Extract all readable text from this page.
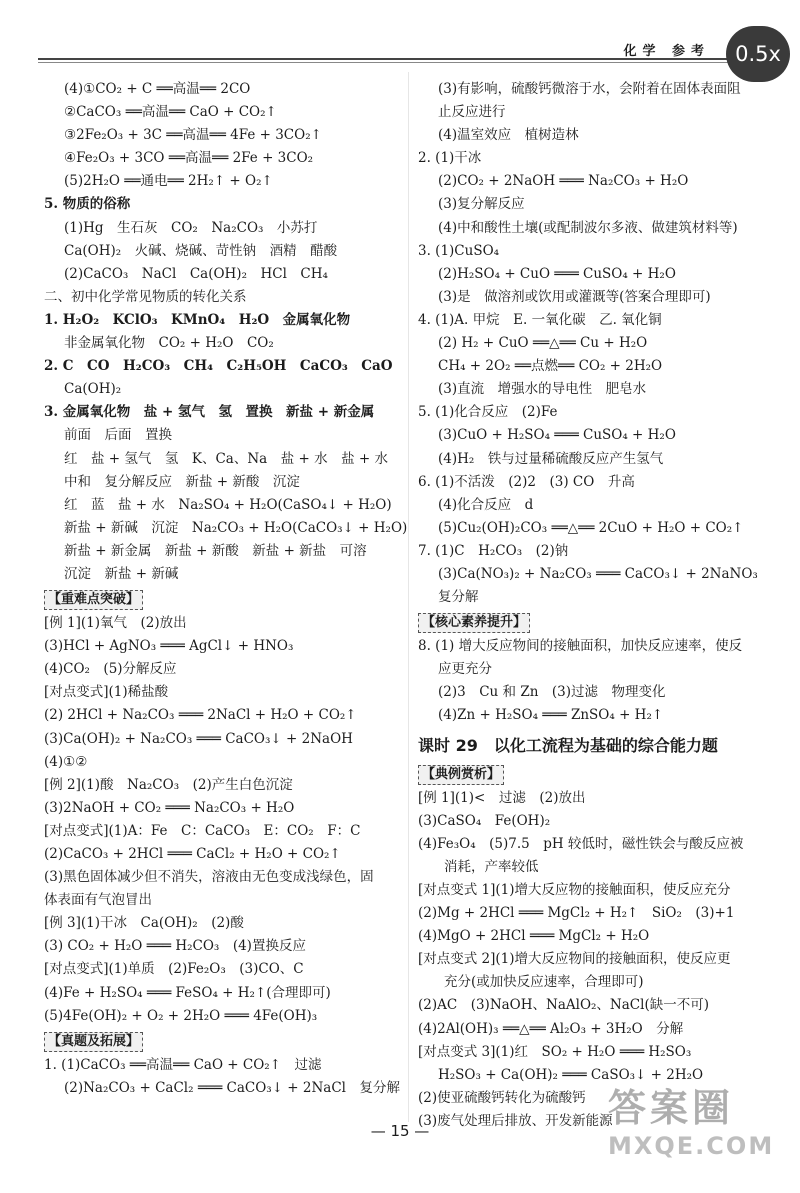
化学 参考	0.5x
(4)①CO₂ + C ══高温══ 2CO
②CaCO₃ ══高温══ CaO + CO₂↑
③2Fe₂O₃ + 3C ══高温══ 4Fe + 3CO₂↑
④Fe₂O₃ + 3CO ══高温══ 2Fe + 3CO₂
(5)2H₂O ══通电══ 2H₂↑ + O₂↑
5. 物质的俗称
(1)Hg　生石灰　CO₂　Na₂CO₃　小苏打
Ca(OH)₂　火碱、烧碱、苛性钠　酒精　醋酸
(2)CaCO₃　NaCl　Ca(OH)₂　HCl　CH₄
二、初中化学常见物质的转化关系
1. H₂O₂　KClO₃　KMnO₄　H₂O　金属氧化物
非金属氧化物　CO₂ + H₂O　CO₂
2. C　CO　H₂CO₃　CH₄　C₂H₅OH　CaCO₃　CaO
Ca(OH)₂
3. 金属氧化物　盐 + 氢气　氢　置换　新盐 + 新金属
前面　后面　置换
红　盐 + 氢气　氢　K、Ca、Na　盐 + 水　盐 + 水
中和　复分解反应　新盐 + 新酸　沉淀
红　蓝　盐 + 水　Na₂SO₄ + H₂O(CaSO₄↓ + H₂O)
新盐 + 新碱　沉淀　Na₂CO₃ + H₂O(CaCO₃↓ + H₂O)
新盐 + 新金属　新盐 + 新酸　新盐 + 新盐　可溶
沉淀　新盐 + 新碱
【重难点突破】
[例 1](1)氧气　(2)放出
(3)HCl + AgNO₃ ═══ AgCl↓ + HNO₃
(4)CO₂　(5)分解反应
[对点变式](1)稀盐酸
(2) 2HCl + Na₂CO₃ ═══ 2NaCl + H₂O + CO₂↑
(3)Ca(OH)₂ + Na₂CO₃ ═══ CaCO₃↓ + 2NaOH
(4)①②
[例 2](1)酸　Na₂CO₃　(2)产生白色沉淀
(3)2NaOH + CO₂ ═══ Na₂CO₃ + H₂O
[对点变式](1)A：Fe　C：CaCO₃　E：CO₂　F：C
(2)CaCO₃ + 2HCl ═══ CaCl₂ + H₂O + CO₂↑
(3)黑色固体减少但不消失，溶液由无色变成浅绿色，固
体表面有气泡冒出
[例 3](1)干冰　Ca(OH)₂　(2)酸
(3) CO₂ + H₂O ═══ H₂CO₃　(4)置换反应
[对点变式](1)单质　(2)Fe₂O₃　(3)CO、C
(4)Fe + H₂SO₄ ═══ FeSO₄ + H₂↑(合理即可)
(5)4Fe(OH)₂ + O₂ + 2H₂O ═══ 4Fe(OH)₃
【真题及拓展】
1. (1)CaCO₃ ══高温══ CaO + CO₂↑　过滤
(2)Na₂CO₃ + CaCl₂ ═══ CaCO₃↓ + 2NaCl　复分解
(3)有影响，硫酸钙微溶于水，会附着在固体表面阻
止反应进行
(4)温室效应　植树造林
2. (1)干冰
(2)CO₂ + 2NaOH ═══ Na₂CO₃ + H₂O
(3)复分解反应
(4)中和酸性土壤(或配制波尔多液、做建筑材料等)
3. (1)CuSO₄
(2)H₂SO₄ + CuO ═══ CuSO₄ + H₂O
(3)是　做溶剂或饮用或灌溉等(答案合理即可)
4. (1)A. 甲烷　E. 一氧化碳　乙. 氧化铜
(2) H₂ + CuO ══△══ Cu + H₂O
CH₄ + 2O₂ ══点燃══ CO₂ + 2H₂O
(3)直流　增强水的导电性　肥皂水
5. (1)化合反应　(2)Fe
(3)CuO + H₂SO₄ ═══ CuSO₄ + H₂O
(4)H₂　铁与过量稀硫酸反应产生氢气
6. (1)不活泼　(2)2　(3) CO　升高
(4)化合反应　d
(5)Cu₂(OH)₂CO₃ ══△══ 2CuO + H₂O + CO₂↑
7. (1)C　H₂CO₃　(2)钠
(3)Ca(NO₃)₂ + Na₂CO₃ ═══ CaCO₃↓ + 2NaNO₃
复分解
【核心素养提升】
8. (1) 增大反应物间的接触面积，加快反应速率，使反
应更充分
(2)3　Cu 和 Zn　(3)过滤　物理变化
(4)Zn + H₂SO₄ ═══ ZnSO₄ + H₂↑
课时 29　以化工流程为基础的综合能力题
【典例赏析】
[例 1](1)<　过滤　(2)放出
(3)CaSO₄　Fe(OH)₂
(4)Fe₃O₄　(5)7.5　pH 较低时，磁性铁会与酸反应被
消耗，产率较低
[对点变式 1](1)增大反应物的接触面积，使反应充分
(2)Mg + 2HCl ═══ MgCl₂ + H₂↑　SiO₂　(3)+1
(4)MgO + 2HCl ═══ MgCl₂ + H₂O
[对点变式 2](1)增大反应物间的接触面积，使反应更
充分(或加快反应速率，合理即可)
(2)AC　(3)NaOH、NaAlO₂、NaCl(缺一不可)
(4)2Al(OH)₃ ══△══ Al₂O₃ + 3H₂O　分解
[对点变式 3](1)红　SO₂ + H₂O ═══ H₂SO₃
H₂SO₃ + Ca(OH)₂ ═══ CaSO₃↓ + 2H₂O
(2)使亚硫酸钙转化为硫酸钙
(3)废气处理后排放、开发新能源
— 15 —
答案圈
MXQE.COM
